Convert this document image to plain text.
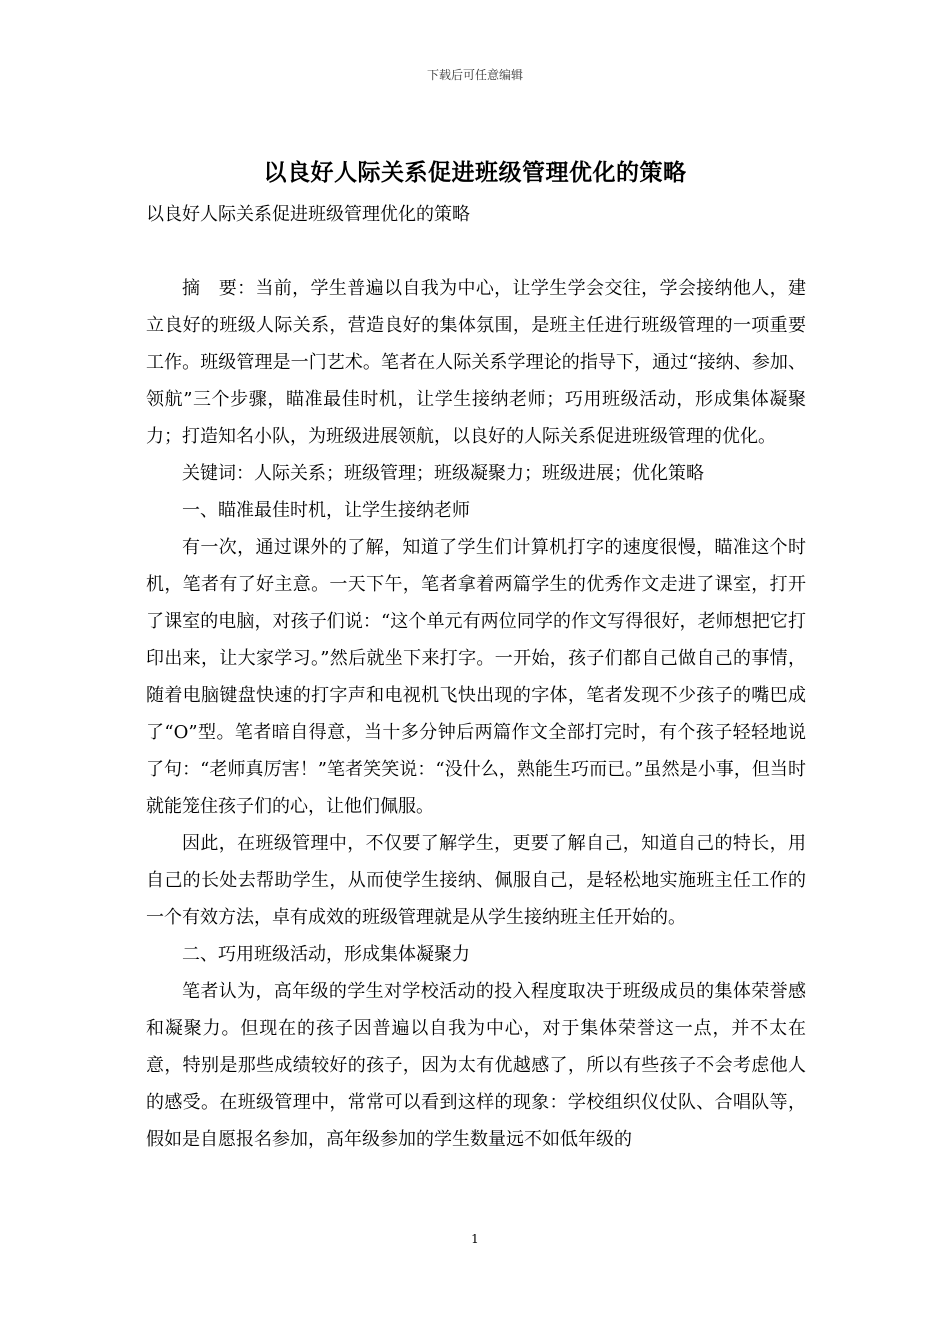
下载后可任意编辑
以良好人际关系促进班级管理优化的策略
以良好人际关系促进班级管理优化的策略

摘　要：当前，学生普遍以自我为中心，让学生学会交往，学会接纳他人，建立良好的班级人际关系，营造良好的集体氛围，是班主任进行班级管理的一项重要工作。班级管理是一门艺术。笔者在人际关系学理论的指导下，通过“接纳、参加、领航”三个步骤，瞄准最佳时机，让学生接纳老师；巧用班级活动，形成集体凝聚力；打造知名小队，为班级进展领航，以良好的人际关系促进班级管理的优化。

关键词：人际关系；班级管理；班级凝聚力；班级进展；优化策略

一、瞄准最佳时机，让学生接纳老师

有一次，通过课外的了解，知道了学生们计算机打字的速度很慢，瞄准这个时机，笔者有了好主意。一天下午，笔者拿着两篇学生的优秀作文走进了课室，打开了课室的电脑，对孩子们说：“这个单元有两位同学的作文写得很好，老师想把它打印出来，让大家学习。”然后就坐下来打字。一开始，孩子们都自己做自己的事情，随着电脑键盘快速的打字声和电视机飞快出现的字体，笔者发现不少孩子的嘴巴成了“O”型。笔者暗自得意，当十多分钟后两篇作文全部打完时，有个孩子轻轻地说了句：“老师真厉害！”笔者笑笑说：“没什么，熟能生巧而已。”虽然是小事，但当时就能笼住孩子们的心，让他们佩服。

因此，在班级管理中，不仅要了解学生，更要了解自己，知道自己的特长，用自己的长处去帮助学生，从而使学生接纳、佩服自己，是轻松地实施班主任工作的一个有效方法，卓有成效的班级管理就是从学生接纳班主任开始的。

二、巧用班级活动，形成集体凝聚力

笔者认为，高年级的学生对学校活动的投入程度取决于班级成员的集体荣誉感和凝聚力。但现在的孩子因普遍以自我为中心，对于集体荣誉这一点，并不太在意，特别是那些成绩较好的孩子，因为太有优越感了，所以有些孩子不会考虑他人的感受。在班级管理中，常常可以看到这样的现象：学校组织仪仗队、合唱队等，假如是自愿报名参加，高年级参加的学生数量远不如低年级的

1
